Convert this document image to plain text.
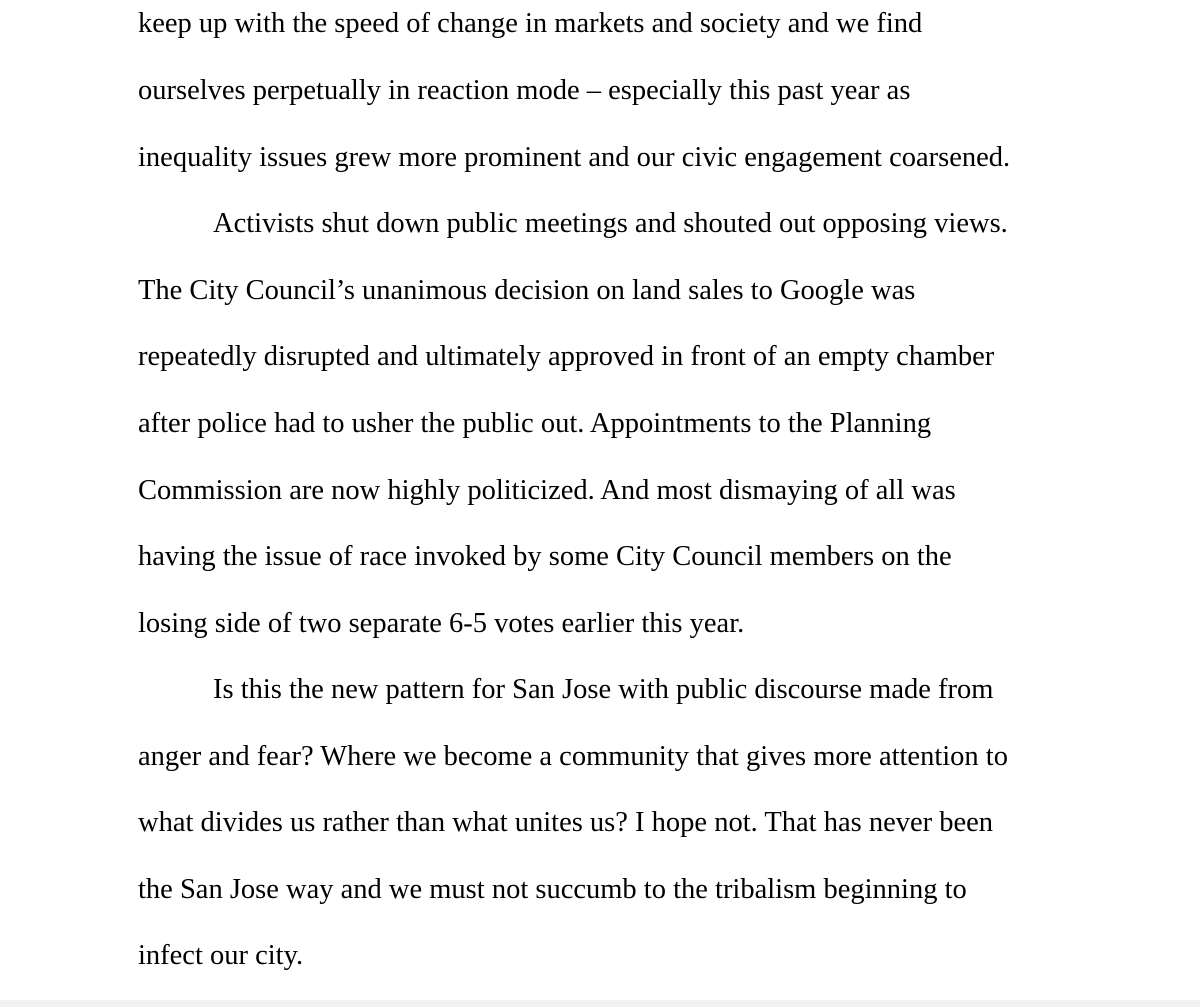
keep up with the speed of change in markets and society and we find
ourselves perpetually in reaction mode – especially this past year as
inequality issues grew more prominent and our civic engagement coarsened.
Activists shut down public meetings and shouted out opposing views.
The City Council’s unanimous decision on land sales to Google was
repeatedly disrupted and ultimately approved in front of an empty chamber
after police had to usher the public out. Appointments to the Planning
Commission are now highly politicized. And most dismaying of all was
having the issue of race invoked by some City Council members on the
losing side of two separate 6-5 votes earlier this year.
Is this the new pattern for San Jose with public discourse made from
anger and fear? Where we become a community that gives more attention to
what divides us rather than what unites us? I hope not. That has never been
the San Jose way and we must not succumb to the tribalism beginning to
infect our city.
